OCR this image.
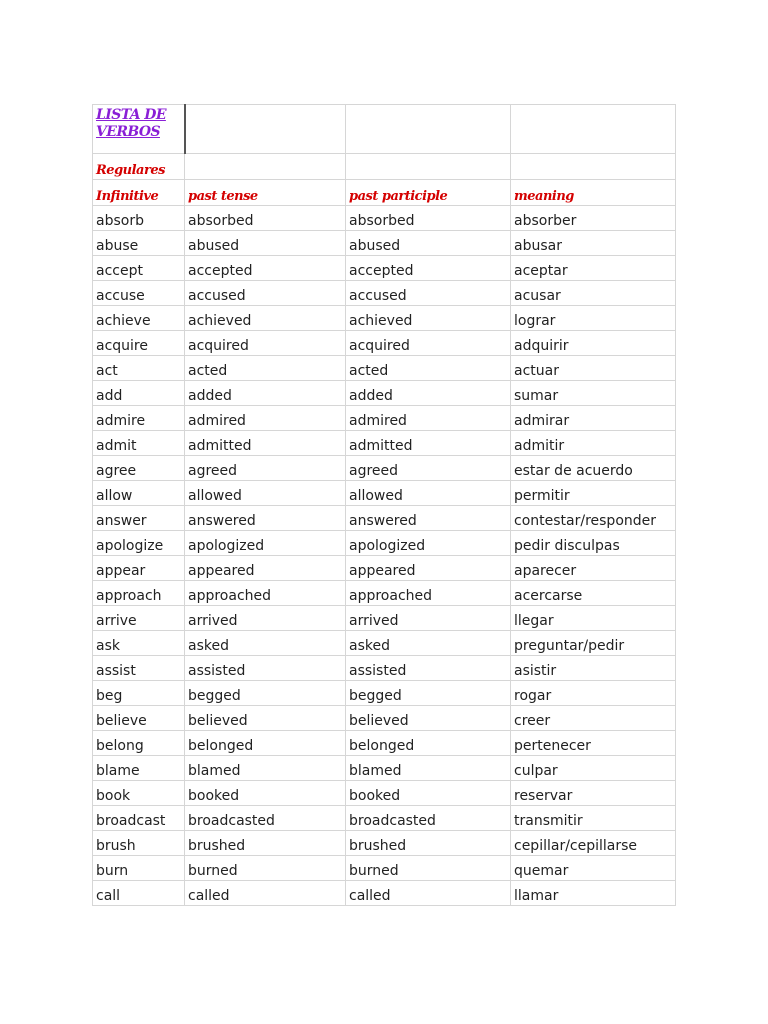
LISTA DE VERBOS			
Regulares			
Infinitive	past tense	past participle	meaning
absorb	absorbed	absorbed	absorber
abuse	abused	abused	abusar
accept	accepted	accepted	aceptar
accuse	accused	accused	acusar
achieve	achieved	achieved	lograr
acquire	acquired	acquired	adquirir
act	acted	acted	actuar
add	added	added	sumar
admire	admired	admired	admirar
admit	admitted	admitted	admitir
agree	agreed	agreed	estar de acuerdo
allow	allowed	allowed	permitir
answer	answered	answered	contestar/responder
apologize	apologized	apologized	pedir disculpas
appear	appeared	appeared	aparecer
approach	approached	approached	acercarse
arrive	arrived	arrived	llegar
ask	asked	asked	preguntar/pedir
assist	assisted	assisted	asistir
beg	begged	begged	rogar
believe	believed	believed	creer
belong	belonged	belonged	pertenecer
blame	blamed	blamed	culpar
book	booked	booked	reservar
broadcast	broadcasted	broadcasted	transmitir
brush	brushed	brushed	cepillar/cepillarse
burn	burned	burned	quemar
call	called	called	llamar
